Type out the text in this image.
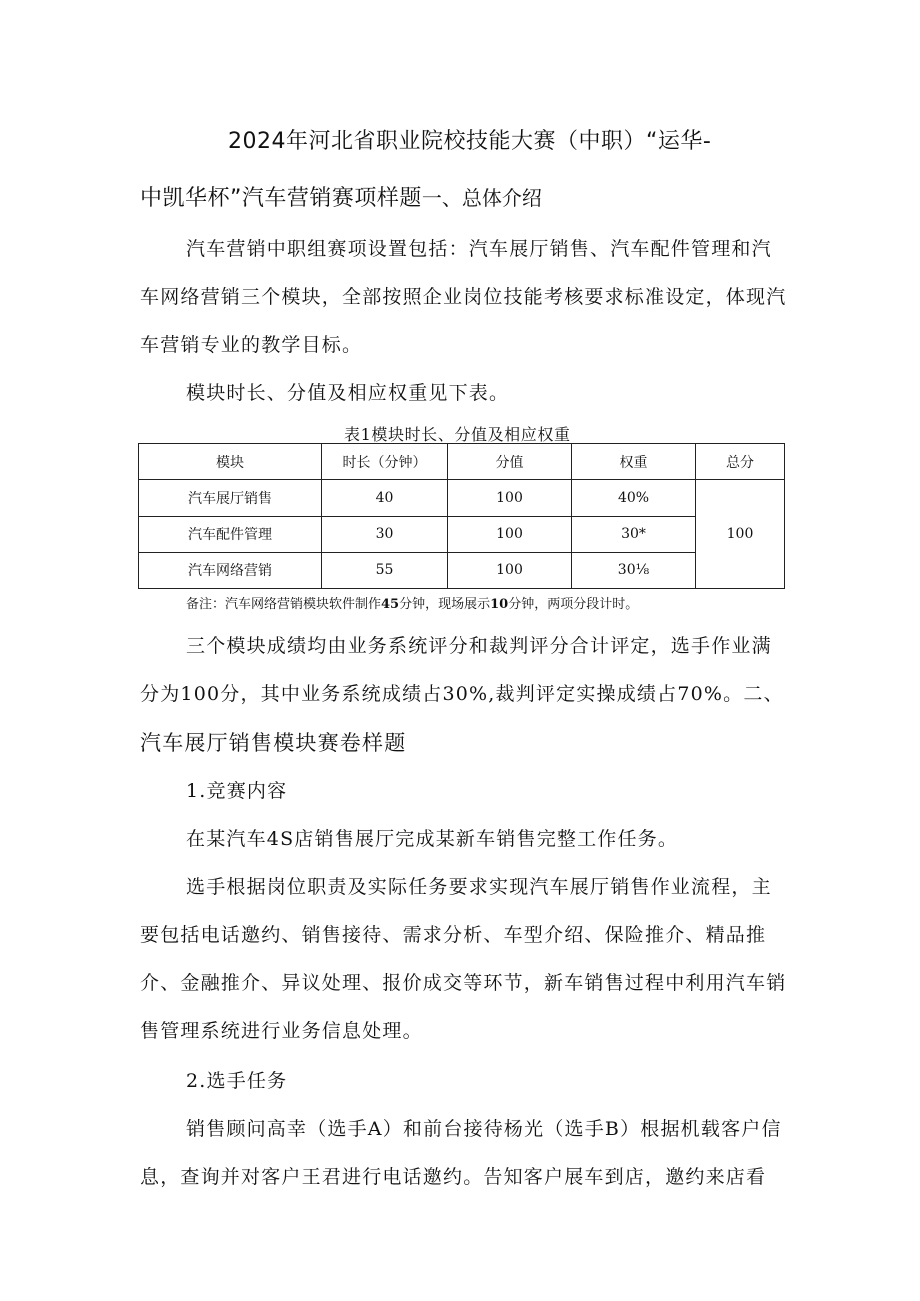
2024年河北省职业院校技能大赛（中职）“运华-
中凯华杯”汽车营销赛项样题一、总体介绍
汽车营销中职组赛项设置包括：汽车展厅销售、汽车配件管理和汽
车网络营销三个模块，全部按照企业岗位技能考核要求标准设定，体现汽
车营销专业的教学目标。
模块时长、分值及相应权重见下表。
表1模块时长、分值及相应权重
模块	时长（分钟）	分值	权重	总分
汽车展厅销售	40	100	40%	100
汽车配件管理	30	100	30*	
汽车网络营销	55	100	30⅛	
备注：汽车网络营销模块软件制作45分钟，现场展示10分钟，两项分段计时。
三个模块成绩均由业务系统评分和裁判评分合计评定，选手作业满
分为100分，其中业务系统成绩占30%,裁判评定实操成绩占70%。二、
汽车展厅销售模块赛卷样题
1.竞赛内容
在某汽车4S店销售展厅完成某新车销售完整工作任务。
选手根据岗位职责及实际任务要求实现汽车展厅销售作业流程，主
要包括电话邀约、销售接待、需求分析、车型介绍、保险推介、精品推
介、金融推介、异议处理、报价成交等环节，新车销售过程中利用汽车销
售管理系统进行业务信息处理。
2.选手任务
销售顾问高幸（选手A）和前台接待杨光（选手B）根据机载客户信
息，查询并对客户王君进行电话邀约。告知客户展车到店，邀约来店看
